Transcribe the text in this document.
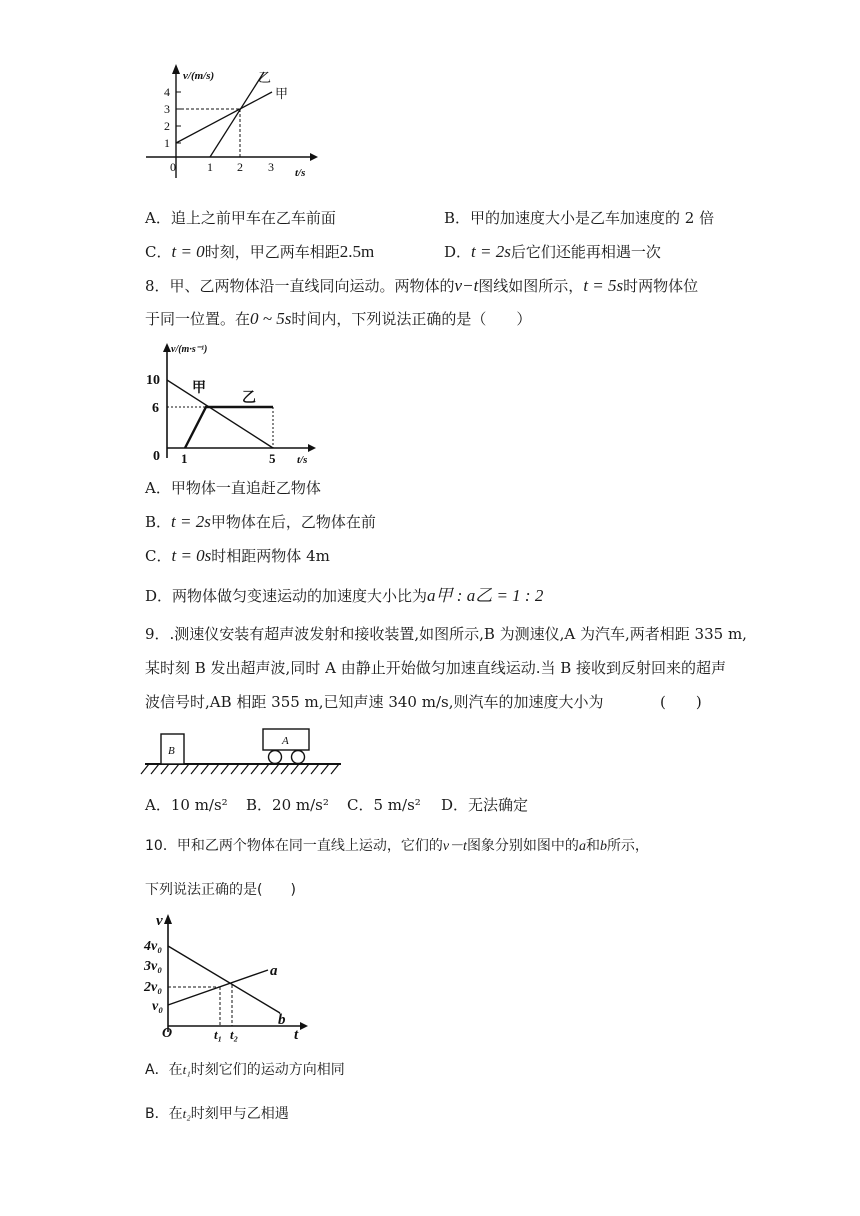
v/(m/s)
4
3
2
1
0	1 2 3 t/s
乙
甲
A．追上之前甲车在乙车前面	B．甲的加速度大小是乙车加速度的 2 倍
C．t = 0时刻，甲乙两车相距2.5m	D．t = 2s后它们还能再相遇一次
8．甲、乙两物体沿一直线同向运动。两物体的v−t图线如图所示，t = 5s时两物体位
于同一位置。在0 ~ 5s时间内，下列说法正确的是（　　）
v/(m·s⁻¹)
10
6
0 1	5 t/s
甲
乙
A．甲物体一直追赶乙物体
B．t = 2s甲物体在后，乙物体在前
C．t = 0s时相距两物体 4m
D．两物体做匀变速运动的加速度大小比为a甲 : a乙 = 1 : 2
9．.测速仪安装有超声波发射和接收装置,如图所示,B 为测速仪,A 为汽车,两者相距 335 m,
某时刻 B 发出超声波,同时 A 由静止开始做匀加速直线运动.当 B 接收到反射回来的超声
波信号时,AB 相距 355 m,已知声速 340 m/s,则汽车的加速度大小为	(　　)
B
A
A．10 m/s² B．20 m/s² C．5 m/s² D．无法确定
10．甲和乙两个物体在同一直线上运动，它们的v－t图象分别如图中的a和b所示，
下列说法正确的是(　　)
v
4v₀
3v₀
2v₀
v₀
O	t₁ t₂	t
a
b
A．在t₁时刻它们的运动方向相同
B．在t₂时刻甲与乙相遇
